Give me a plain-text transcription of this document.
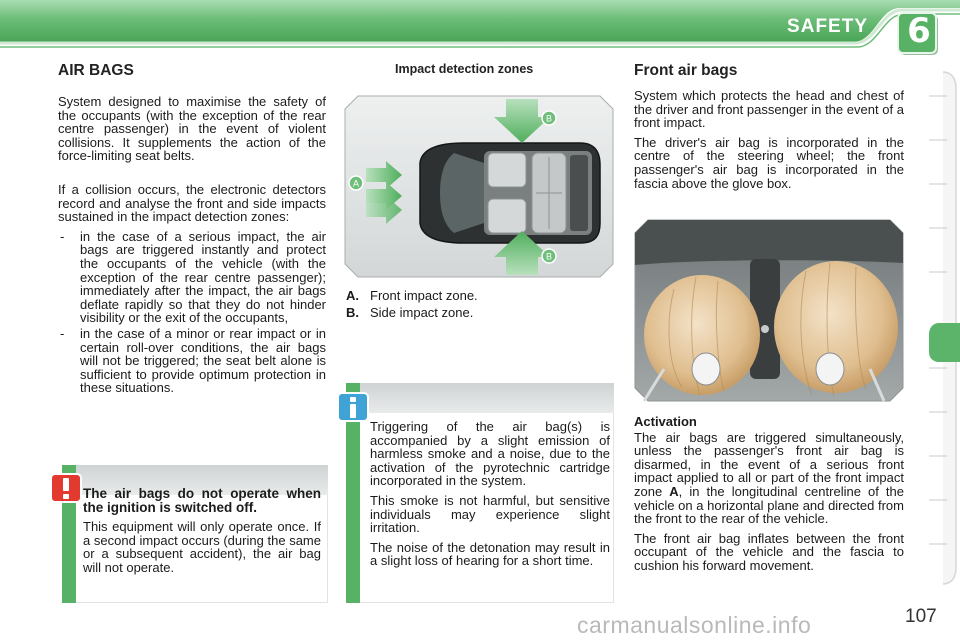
SAFETY 6
AIR BAGS

System designed to maximise the safety of the occupants (with the exception of the rear centre passenger) in the event of violent collisions. It supplements the action of the force-limiting seat belts.

If a collision occurs, the electronic detectors record and analyse the front and side impacts sustained in the impact detection zones:

- in the case of a serious impact, the air bags are triggered instantly and protect the occupants of the vehicle (with the exception of the rear centre passenger); immediately after the impact, the air bags deflate rapidly so that they do not hinder visibility or the exit of the occupants,
- in the case of a minor or rear impact or in certain roll-over conditions, the air bags will not be triggered; the seat belt alone is sufficient to provide optimum protection in these situations.

The air bags do not operate when the ignition is switched off.

This equipment will only operate once. If a second impact occurs (during the same or a subsequent accident), the air bag will not operate.

Impact detection zones
A
B
B
A. Front impact zone.
B. Side impact zone.

Triggering of the air bag(s) is accompanied by a slight emission of harmless smoke and a noise, due to the activation of the pyrotechnic cartridge incorporated in the system.

This smoke is not harmful, but sensitive individuals may experience slight irritation.

The noise of the detonation may result in a slight loss of hearing for a short time.

Front air bags

System which protects the head and chest of the driver and front passenger in the event of a front impact.

The driver's air bag is incorporated in the centre of the steering wheel; the front passenger's air bag is incorporated in the fascia above the glove box.

Activation

The air bags are triggered simultaneously, unless the passenger's front air bag is disarmed, in the event of a serious front impact applied to all or part of the front impact zone A, in the longitudinal centreline of the vehicle on a horizontal plane and directed from the front to the rear of the vehicle.

The front air bag inflates between the front occupant of the vehicle and the fascia to cushion his forward movement.

carmanualsonline.info	107
